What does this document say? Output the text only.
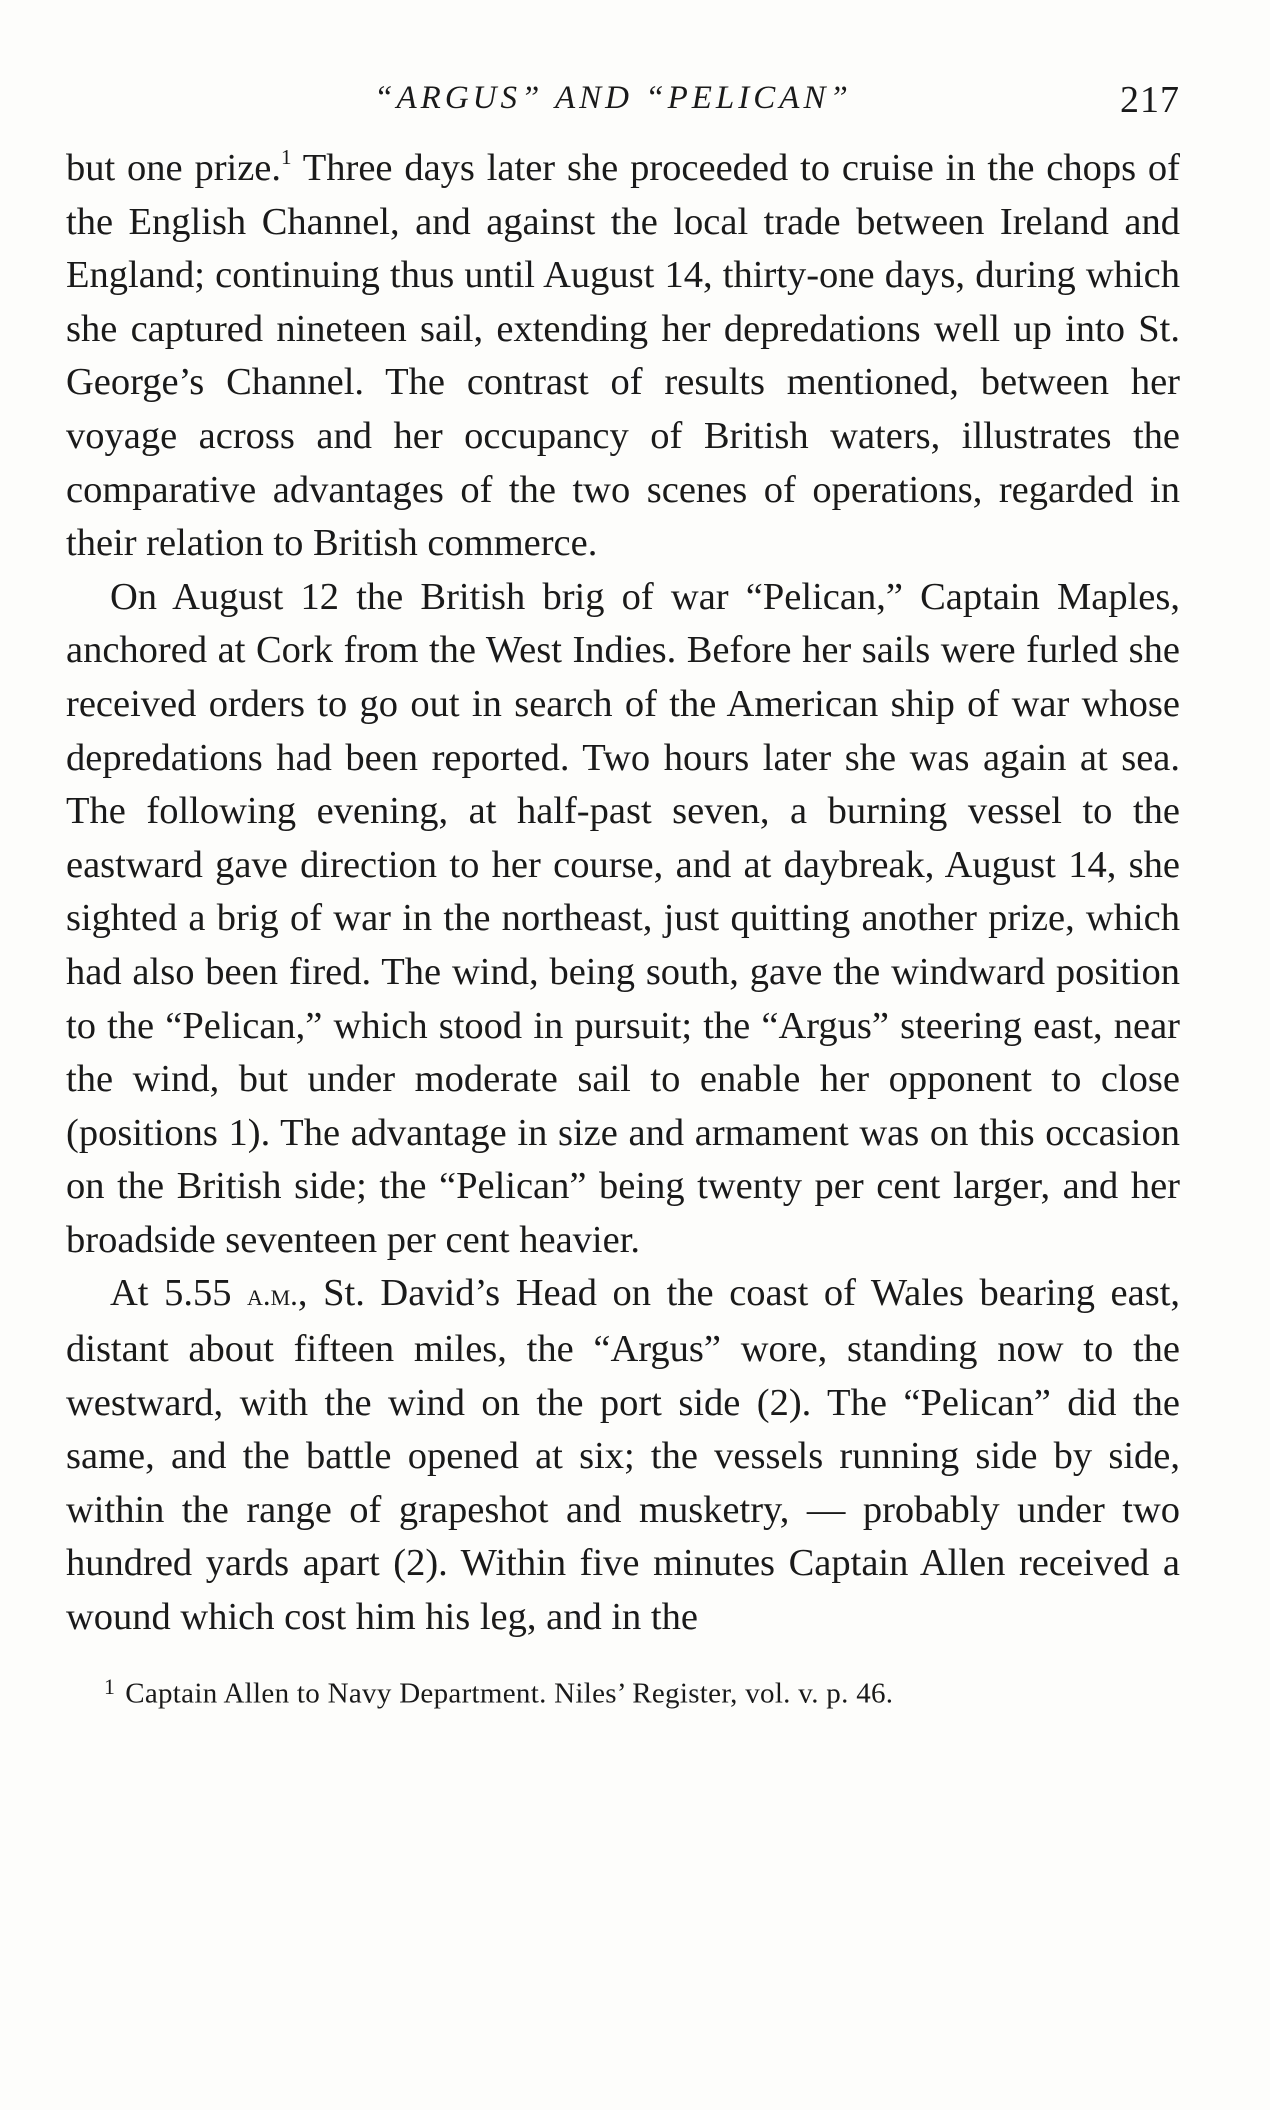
“ARGUS” AND “PELICAN”	217

but one prize.$^1$ Three days later she proceeded to cruise in the chops of the English Channel, and against the local trade between Ireland and England; continuing thus until August 14, thirty-one days, during which she captured nineteen sail, extending her depredations well up into St. George’s Channel. The contrast of results mentioned, between her voyage across and her occupancy of British waters, illustrates the comparative advantages of the two scenes of operations, regarded in their relation to British commerce.

On August 12 the British brig of war “Pelican,” Captain Maples, anchored at Cork from the West Indies. Before her sails were furled she received orders to go out in search of the American ship of war whose depredations had been reported. Two hours later she was again at sea. The following evening, at half-past seven, a burning vessel to the eastward gave direction to her course, and at daybreak, August 14, she sighted a brig of war in the northeast, just quitting another prize, which had also been fired. The wind, being south, gave the windward position to the “Pelican,” which stood in pursuit; the “Argus” steering east, near the wind, but under moderate sail to enable her opponent to close (positions 1). The advantage in size and armament was on this occasion on the British side; the “Pelican” being twenty per cent larger, and her broadside seventeen per cent heavier.

At 5.55 a.m., St. David’s Head on the coast of Wales bearing east, distant about fifteen miles, the “Argus” wore, standing now to the westward, with the wind on the port side (2). The “Pelican” did the same, and the battle opened at six; the vessels running side by side, within the range of grapeshot and musketry, — probably under two hundred yards apart (2). Within five minutes Captain Allen received a wound which cost him his leg, and in the

$^1$ Captain Allen to Navy Department. Niles’ Register, vol. v. p. 46.
